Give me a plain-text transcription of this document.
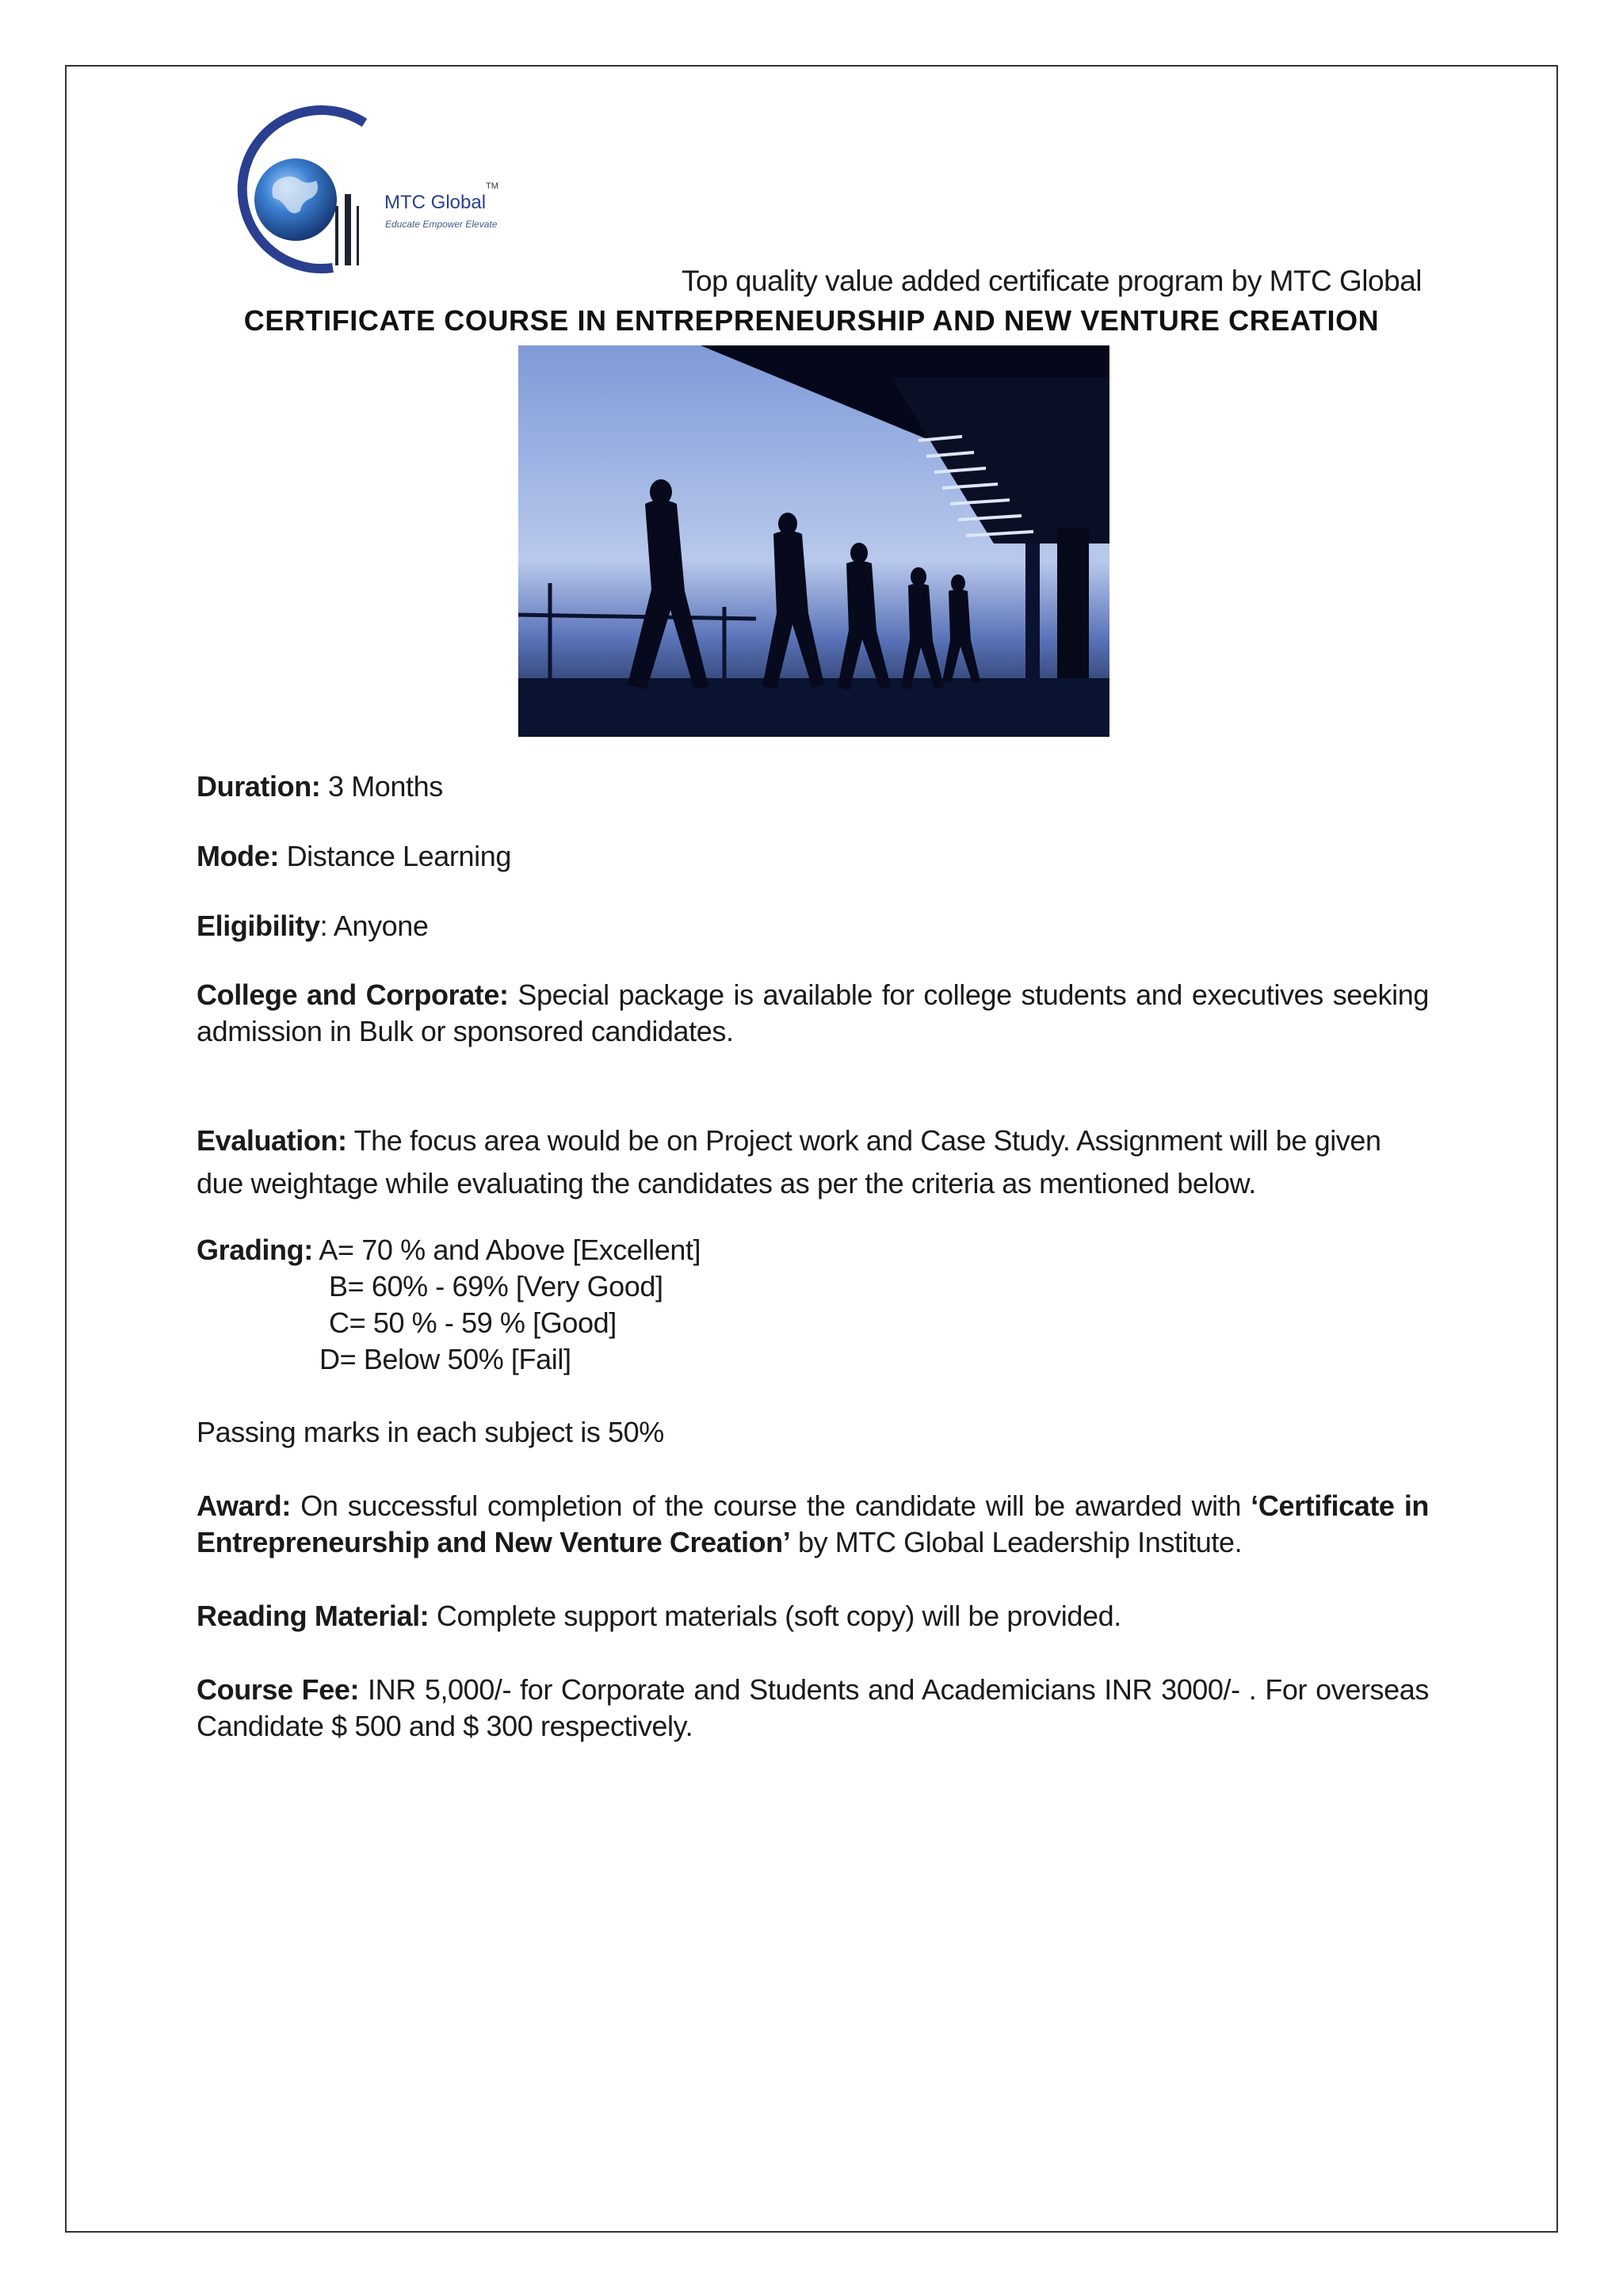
MTC Global
TM
Educate Empower Elevate
Top quality value added certificate program by MTC Global
CERTIFICATE COURSE IN ENTREPRENEURSHIP AND NEW VENTURE CREATION

Duration: 3 Months

Mode: Distance Learning

Eligibility: Anyone

College and Corporate: Special package is available for college students and executives seeking admission in Bulk or sponsored candidates.

Evaluation: The focus area would be on Project work and Case Study. Assignment will be given due weightage while evaluating the candidates as per the criteria as mentioned below.

Grading: A= 70 % and Above [Excellent]

B= 60% - 69% [Very Good]

C= 50 % - 59 % [Good]

D= Below 50% [Fail]

Passing marks in each subject is 50%

Award: On successful completion of the course the candidate will be awarded with ‘Certificate in Entrepreneurship and New Venture Creation’ by MTC Global Leadership Institute.

Reading Material: Complete support materials (soft copy) will be provided.

Course Fee: INR 5,000/- for Corporate and Students and Academicians INR 3000/- . For overseas Candidate $ 500 and $ 300 respectively.
